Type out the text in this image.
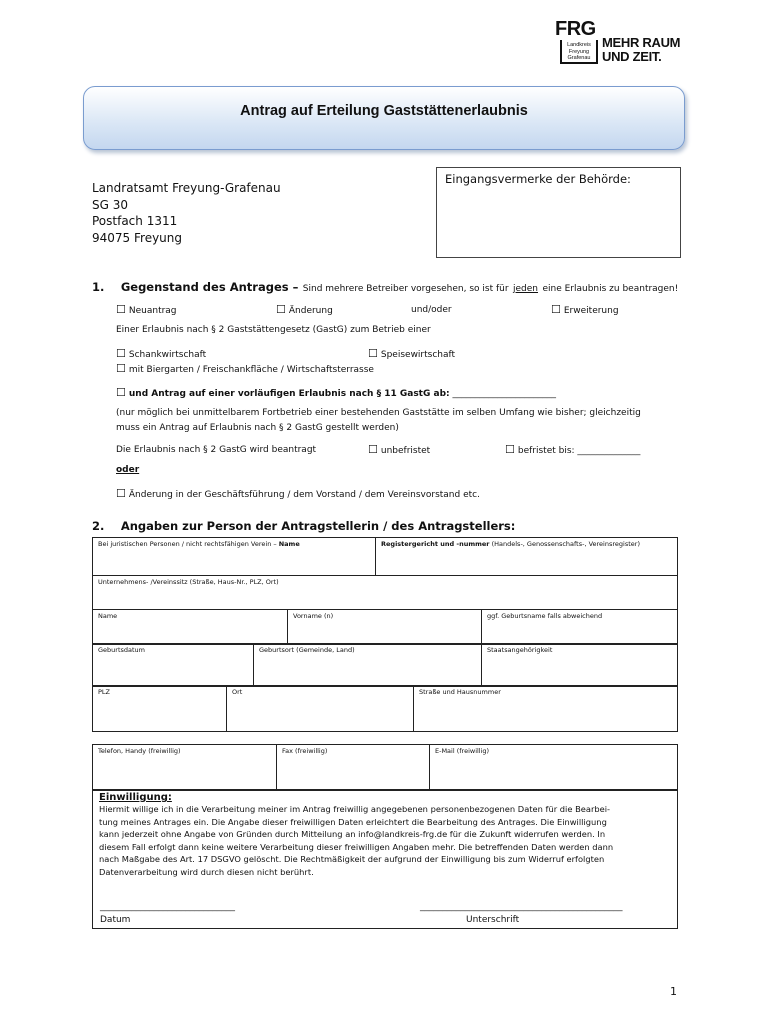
FRG
Landkreis
Freyung
Grafenau
MEHR RAUM
UND ZEIT.
Antrag auf Erteilung Gaststättenerlaubnis
Landratsamt Freyung-Grafenau
SG 30
Postfach 1311
94075 Freyung
Eingangsvermerke der Behörde:
1. Gegenstand des Antrages – Sind mehrere Betreiber vorgesehen, so ist für jeden eine Erlaubnis zu beantragen!
☐ Neuantrag	☐ Änderung	und/oder	☐ Erweiterung
Einer Erlaubnis nach § 2 Gaststättengesetz (GastG) zum Betrieb einer
☐ Schankwirtschaft	☐ Speisewirtschaft
☐ mit Biergarten / Freischankfläche / Wirtschaftsterrasse
☐ und Antrag auf einer vorläufigen Erlaubnis nach § 11 GastG ab: _______________________
(nur möglich bei unmittelbarem Fortbetrieb einer bestehenden Gaststätte im selben Umfang wie bisher; gleichzeitig
muss ein Antrag auf Erlaubnis nach § 2 GastG gestellt werden)
Die Erlaubnis nach § 2 GastG wird beantragt	☐ unbefristet	☐ befristet bis: ______________
oder
☐ Änderung in der Geschäftsführung / dem Vorstand / dem Vereinsvorstand etc.
2. Angaben zur Person der Antragstellerin / des Antragstellers:
Bei juristischen Personen / nicht rechtsfähigen Verein – Name	Registergericht und -nummer (Handels-, Genossenschafts-, Vereinsregister)
Unternehmens- /Vereinssitz (Straße, Haus-Nr., PLZ, Ort)
Name	Vorname (n)	ggf. Geburtsname falls abweichend
Geburtsdatum	Geburtsort (Gemeinde, Land)	Staatsangehörigkeit
PLZ	Ort	Straße und Hausnummer
Telefon, Handy (freiwillig)	Fax (freiwillig)	E-Mail (freiwillig)
Einwilligung:
Hiermit willige ich in die Verarbeitung meiner im Antrag freiwillig angegebenen personenbezogenen Daten für die Bearbei-
tung meines Antrages ein. Die Angabe dieser freiwilligen Daten erleichtert die Bearbeitung des Antrages. Die Einwilligung
kann jederzeit ohne Angabe von Gründen durch Mitteilung an info@landkreis-frg.de für die Zukunft widerrufen werden. In
diesem Fall erfolgt dann keine weitere Verarbeitung dieser freiwilligen Angaben mehr. Die betreffenden Daten werden dann
nach Maßgabe des Art. 17 DSGVO gelöscht. Die Rechtmäßigkeit der aufgrund der Einwilligung bis zum Widerruf erfolgten
Datenverarbeitung wird durch diesen nicht berührt.
______________________________	_____________________________________________
Datum	Unterschrift
1
